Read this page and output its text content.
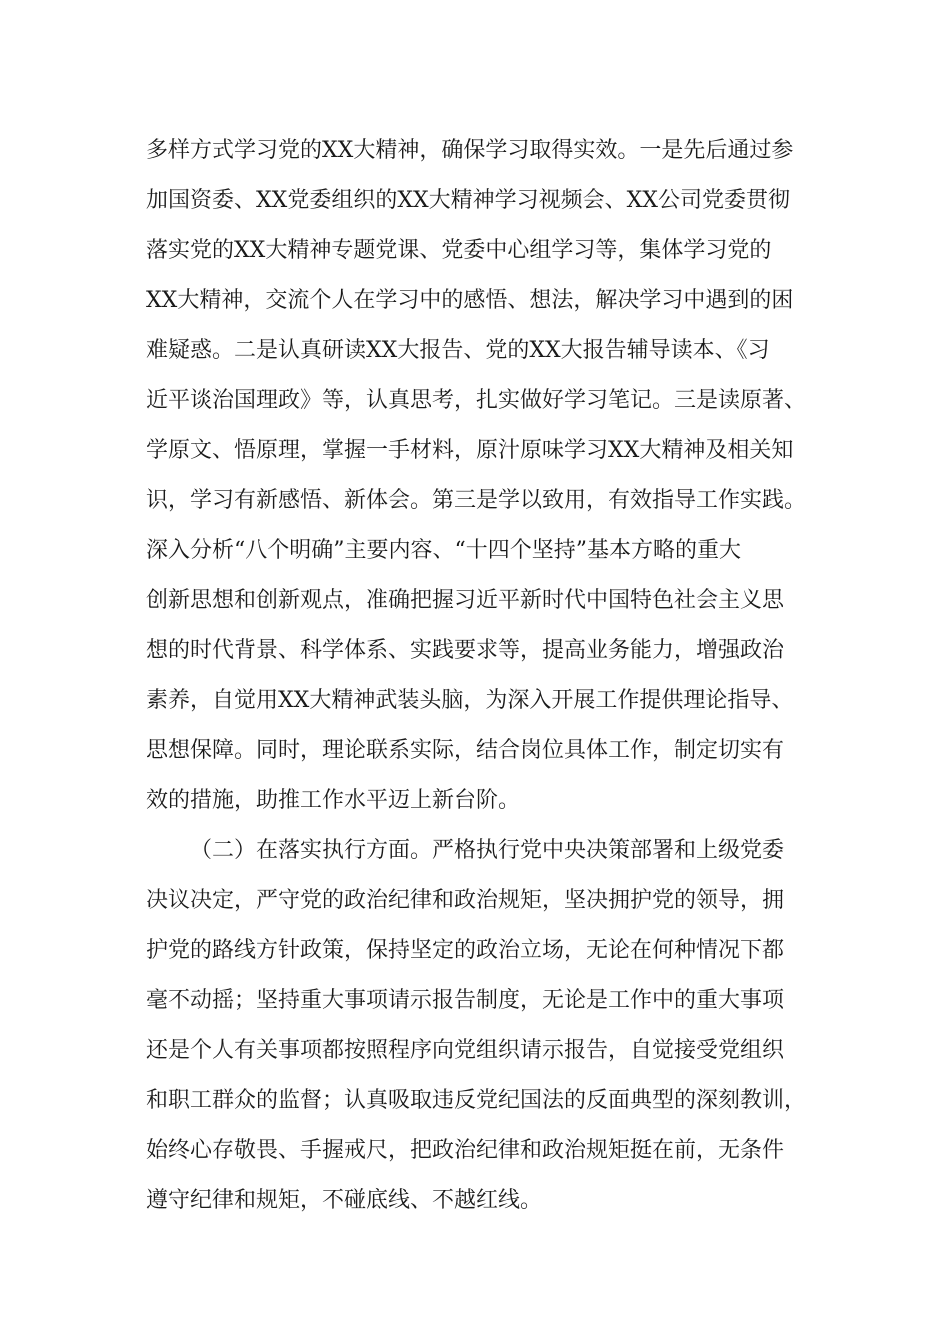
多样方式学习党的XX大精神，确保学习取得实效。一是先后通过参
加国资委、XX党委组织的XX大精神学习视频会、XX公司党委贯彻
落实党的XX大精神专题党课、党委中心组学习等，集体学习党的
XX大精神，交流个人在学习中的感悟、想法，解决学习中遇到的困
难疑惑。二是认真研读XX大报告、党的XX大报告辅导读本、《习
近平谈治国理政》等，认真思考，扎实做好学习笔记。三是读原著、
学原文、悟原理，掌握一手材料，原汁原味学习XX大精神及相关知
识，学习有新感悟、新体会。第三是学以致用，有效指导工作实践。
深入分析“八个明确”主要内容、“十四个坚持”基本方略的重大
创新思想和创新观点，准确把握习近平新时代中国特色社会主义思
想的时代背景、科学体系、实践要求等，提高业务能力，增强政治
素养，自觉用XX大精神武装头脑，为深入开展工作提供理论指导、
思想保障。同时，理论联系实际，结合岗位具体工作，制定切实有
效的措施，助推工作水平迈上新台阶。
（二）在落实执行方面。严格执行党中央决策部署和上级党委
决议决定，严守党的政治纪律和政治规矩，坚决拥护党的领导，拥
护党的路线方针政策，保持坚定的政治立场，无论在何种情况下都
毫不动摇；坚持重大事项请示报告制度，无论是工作中的重大事项
还是个人有关事项都按照程序向党组织请示报告，自觉接受党组织
和职工群众的监督；认真吸取违反党纪国法的反面典型的深刻教训，
始终心存敬畏、手握戒尺，把政治纪律和政治规矩挺在前，无条件
遵守纪律和规矩，不碰底线、不越红线。
